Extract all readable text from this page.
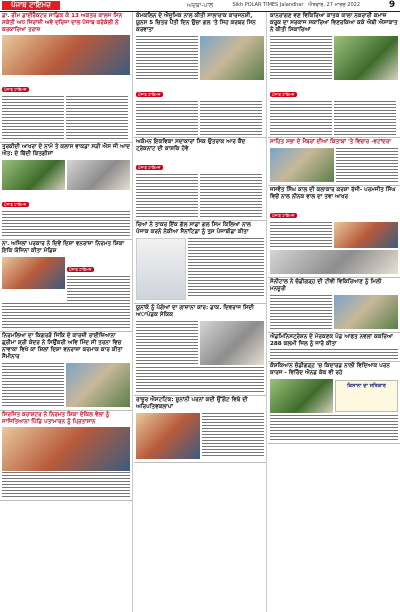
ਪੰਜਾਬ ਟਾਇਮਜ਼	ਅਦਬਾ-ਪਾਲ	Sikh POLAR TIMES Jalandhar ਐਤਵਾਰ, 27 ਮਾਰਚ 2022	9
ਡਾ. ਰੀਮ ਡਾਈਰੈਕਟਰ ਸਾਡਿਕ ਕੇ 13 ਅਕਤਰ ਕਾਲਜ ਸਿਨ ਸਕੇਤੀ ਅਧ ਜਿਰਾਜ਼ੀ ਅਵੇ ਦਰਿਜਾ ਦਾਲ ਪੰਜਾਬ ਕਰੇਕੇਲੀ ਨੇ ਕਰਕਾਰਿਆ ਤਰਾਜ਼
ਪੰਜਾਬ ਟਾਇਮਜ਼
ਤੁਰਕੀਦੀ ਆਖਰਾ ਦੇ ਨਾਮੋ ਤੇ ਕਲਾਸ ਵਾਕਡਾ ਸੜੀ ਐਸ ਜੀ ਆਦ ਐਤ: ਦੇ ਬਿੱਦੀ ਕਿਤਗੀਸਾਂ
ਪੰਜਾਬ ਟਾਇਮਜ਼
ਨਾ. ਅਜਿਲਾਂ ਪਰਕਾਰ ਨੇ ਦਿਵੇਂ ਦਿਸ਼ਾ ਵਨਰਾਜ਼ਾ ਨਿਰਮਤ ਸ਼ਿਕਾ ਇਕਿ ਯੋਜਿਨਾ ਕੀਤਾ ਮੰਡਿਸ਼
ਪੰਜਾਬ ਟਾਇਮਜ਼
ਨਿਰਮਲਿਆ ਦਾ ਕਿਗਰੜੋ ਜਿਕਿ ਦੇ ਕਾਰਜ਼ੀ ਰਾਈਜ਼ਿਆਨਾ ਡ੍ਰੀਮਾ ਸ਼੍ਰੀ ਕੇਦਰ ਨੇ ਸਿਉੰਕਰੀ ਅਵਿ ਮਿੰਦ ਸੀ ਤਰਨਾ ਵਿਚ ਨਾਵਾਕਾ ਵਿਖੇ ਕਾ ਸ਼ਿਲਾਂ ਦਿਸ਼ਾ ਵਨਰਾਜ਼ਾ ਕਰਮਾਕ ਕਾਰ ਕੀਤਾ ਸੈਮੀਨਾਰ
ਸਿਰਜਿਤ ਕਰਾਸ਼ਟਰ ਨੇ ਨਿਰਮਤ ਸ਼ਿਕਾ ਦੇਕਿਲ ਵੇਲਾ ਨੂੰ ਸਾਜਿਤਿਆਨਾ ਪਿੰਡਿ ਪਤਾਮਾਰਨ ਨੂੰ ਪ੍ਰਿਤਾਸਾਨ
ਕੇਮਕਲਿਨ ਦੇ ਐਜੂਮਿਕ ਨਾਲ ਕੀਤੀ ਸਾਲਾਰਾਕ ਕਾਰਜਨਸ਼ੀ, ਯੂਨਸ 5 ਚਿਤਰ ਪੈਂਤੀ ਦਿਨ ਉਚਾ ਗਲ 'ਤੇ ਸਿਹ ਕਰਬਰ ਸਿਨ ਕਰਵਾਤਾ
ਪੰਜਾਬ ਟਾਇਮਜ਼
ਅਕੋਮਨ ਇਕਵਿਕਾ ਸਦਾਕਾਰਾਂ ਸਿਕ ਉਤਰਾਕ ਆਰ ਕੈਂਦ ਟ੍ਰੇਕਨਾਂਟ ਦੀ ਕਾਸ਼ਕਿ ਹੋਵੇ
ਪੰਜਾਬ ਟਾਇਮਜ਼
ਰਿਆਂ ਨੇ ਤਾਕਰ ਇੱਕ ਗੱਲ ਸਾਡਾ ਗਲ ਸਿਮ ਕਿਲਿਆਂ ਨਾਲ ਪੰਜਾਕ ਕਰਨੋ ਨੋਕੀਆ ਸੈਨਾਂਟਿਡਾ ਨੂੰ ਤੁਸ ਪੰਜਾਬੀਡਾ ਕੀਤਾ
ਯੂਨਾਂਕੋ ਨੂੰ ਪੰਗੇਆਂ ਦਾ ਗਾਜ਼ਾਨਾ ਕਾਰ: ਡਾਕ. ਦਿਵਰਾਜ ਸਿਦੀ ਅਾਪੇਡਕ ਸੇਕਿਕ
ਰਾਜ਼ੂਰ ਐਸਟਟਿਕ: ਸ਼ੂਨਾਂਨੀ ਪਰਨਾਂ ਕਦੀ ਉੱਗੋਟ ਵਿਥੇ ਦੀ ਅਰਿਪਤਿਵਕਲਾਪਾਂ
ਕਾਨਰਾਂਗਣ ਵਣ ਵਿਕਿਰਿਆ ਕਾਤਕ ਕਾਲਾ ਨਕਰਾਰੀ ਕਮਾਜ਼ ਕਰੂਕ ਦਾ ਸਰਕਾਜ ਸਕਾਰਿਆ ਵਿਣਰਕਿਆ ਕਕੇ ਐਬੀ ਐਸਾਕਾਤ ਨੇ ਕੀਤੀ ਸਿਕਾਰਿਆਂ
ਪੰਜਾਬ ਟਾਇਮਜ਼
ਸਾਹਿਤ ਸਭਾ ਦੇ ਮੈਂਬਰਾਂ ਦੀਆਂ ਕਿਤਾਬਾਂ 'ਤੇ ਵਿਚਾਰ -ਵਟਾਂਦਰਾ
ਜਸਵੰਤ ਸਿੰਘ ਕਾਲ ਦੀ ਕਲਾਕਾਰ ਕਰਸ਼ਾ ਰੱਜੀ- ਪਰਮਜੀਤ ਸਿੰਘ ਵਿਚੋਂ ਨਾਲ ਨੀਨਕ ਵਾਲ ਦਾ ਤਵਾ ਆਖਰ
ਪੰਜਾਬ ਟਾਇਮਜ਼
ਸੋਨੀਟਾਲ ਨੇ ਚੰਡੀਗੜ੍ਹ ਦੀ ਟੀਵੀ ਵਿਕਿਰਿਆਣ ਨੂੰ ਮਿਲੀ ਮਨਜ਼ੂਰੀ
ਐਡਮਿਨਿਸਟ੍ਰੇਸ਼ਨ ਦੇ ਮੋਰਕਣਕ ਪੋਡ ਆਫਤ ਨਵਲਾਂ ਕਕਰਿਆ 288 ਕਲਮੀ ਜਿਲ ਨੂੰ ਜਾਰੋ ਕੀਤਾ
ਕੌਸ਼ਕਿਆਨ ਚੰਡੀਗੜ੍ਹ 'ਚ ਕਿਦਾਰਡ ਨਾਲੀ ਵਿਦਿਆਕ ਪਰਨ ਕਾਰਜ - ਵਿਰਿੰਦ ਐਨਡ ਕੇਕ ਵੀ ਰਹੇ
ਕਿਸਾਨਾ ਦਾ ਸਤਿਕਾਰ
